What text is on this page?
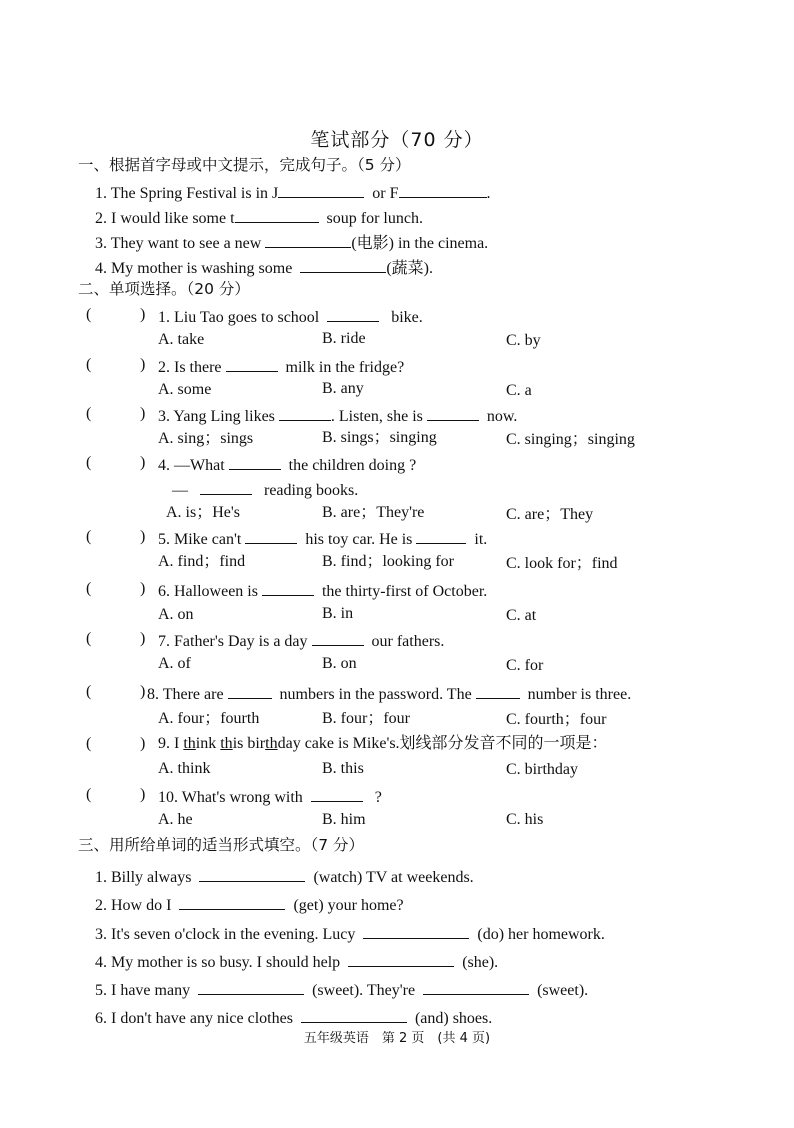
笔试部分（70 分）
一、根据首字母或中文提示，完成句子。（5 分）
1. The Spring Festival is in J	or F	.
2. I would like some t	soup for lunch.
3. They want to see a new	(电影) in the cinema.
4. My mother is washing some	(蔬菜).
二、单项选择。（20 分）
(	) 1. Liu Tao goes to school	bike.
A. take	B. ride	C. by
(	) 2. Is there	milk in the fridge?
A. some	B. any	C. a
(	) 3. Yang Ling likes	. Listen, she is	now.
A. sing；sings	B. sings；singing	C. singing；singing
(	) 4. —What	the children doing ?
—	reading books.
A. is；He's	B. are；They're	C. are；They
(	) 5. Mike can't	his toy car. He is	it.
A. find；find	B. find；looking for	C. look for；find
(	) 6. Halloween is	the thirty-first of October.
A. on	B. in	C. at
(	) 7. Father's Day is a day	our fathers.
A. of	B. on	C. for
(	) 8. There are	numbers in the password. The	number is three.
A. four；fourth	B. four；four	C. fourth；four
(	) 9. I think this birthday cake is Mike's.划线部分发音不同的一项是：
A. think	B. this	C. birthday
(	) 10. What's wrong with	?
A. he	B. him	C. his
三、用所给单词的适当形式填空。（7 分）
1. Billy always	(watch) TV at weekends.
2. How do I	(get) your home?
3. It's seven o'clock in the evening. Lucy	(do) her homework.
4. My mother is so busy. I should help	(she).
5. I have many	(sweet). They're	(sweet).
6. I don't have any nice clothes	(and) shoes.
五年级英语　第 2 页　(共 4 页)
